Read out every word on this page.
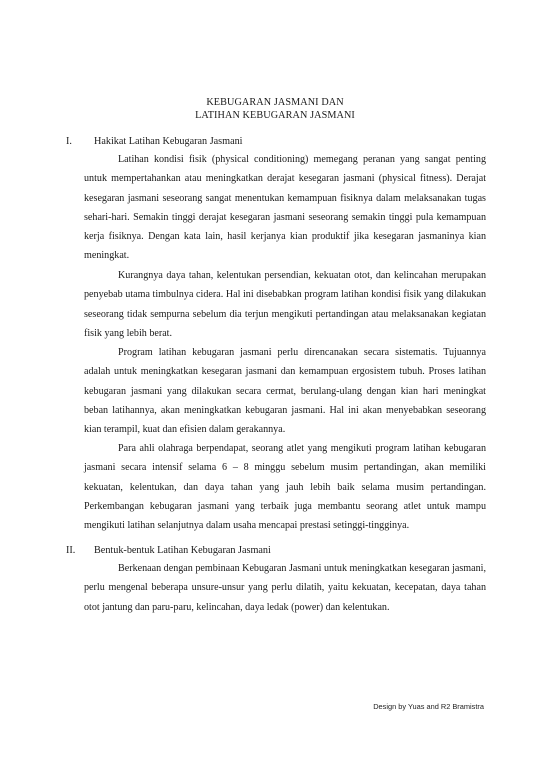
KEBUGARAN JASMANI DAN
LATIHAN KEBUGARAN JASMANI
I. Hakikat Latihan Kebugaran Jasmani

Latihan kondisi fisik (physical conditioning) memegang peranan yang sangat penting untuk mempertahankan atau meningkatkan derajat kesegaran jasmani (physical fitness). Derajat kesegaran jasmani seseorang sangat menentukan kemampuan fisiknya dalam melaksanakan tugas sehari-hari. Semakin tinggi derajat kesegaran jasmani seseorang semakin tinggi pula kemampuan kerja fisiknya. Dengan kata lain, hasil kerjanya kian produktif jika kesegaran jasmaninya kian meningkat.

Kurangnya daya tahan, kelentukan persendian, kekuatan otot, dan kelincahan merupakan penyebab utama timbulnya cidera. Hal ini disebabkan program latihan kondisi fisik yang dilakukan seseorang tidak sempurna sebelum dia terjun mengikuti pertandingan atau melaksanakan kegiatan fisik yang lebih berat.

Program latihan kebugaran jasmani perlu direncanakan secara sistematis. Tujuannya adalah untuk meningkatkan kesegaran jasmani dan kemampuan ergosistem tubuh. Proses latihan kebugaran jasmani yang dilakukan secara cermat, berulang-ulang dengan kian hari meningkat beban latihannya, akan meningkatkan kebugaran jasmani. Hal ini akan menyebabkan seseorang kian terampil, kuat dan efisien dalam gerakannya.

Para ahli olahraga berpendapat, seorang atlet yang mengikuti program latihan kebugaran jasmani secara intensif selama 6 – 8 minggu sebelum musim pertandingan, akan memiliki kekuatan, kelentukan, dan daya tahan yang jauh lebih baik selama musim pertandingan. Perkembangan kebugaran jasmani yang terbaik juga membantu seorang atlet untuk mampu mengikuti latihan selanjutnya dalam usaha mencapai prestasi setinggi-tingginya.

II. Bentuk-bentuk Latihan Kebugaran Jasmani

Berkenaan dengan pembinaan Kebugaran Jasmani untuk meningkatkan kesegaran jasmani, perlu mengenal beberapa unsure-unsur yang perlu dilatih, yaitu kekuatan, kecepatan, daya tahan otot jantung dan paru-paru, kelincahan, daya ledak (power) dan kelentukan.

Design by Yuas and R2 Bramistra
